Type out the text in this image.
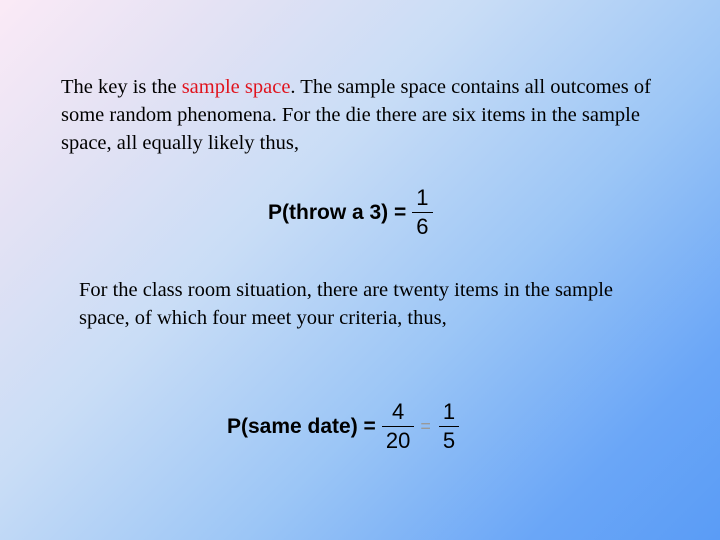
The key is the sample space. The sample space contains all outcomes of some random phenomena. For the die there are six items in the sample space, all equally likely thus,

P(throw a $3) = \frac{1}{6}$

For the class room situation, there are twenty items in the sample space, of which four meet your criteria, thus,

P(same date) = $\frac{4}{20} = \frac{1}{5}$
